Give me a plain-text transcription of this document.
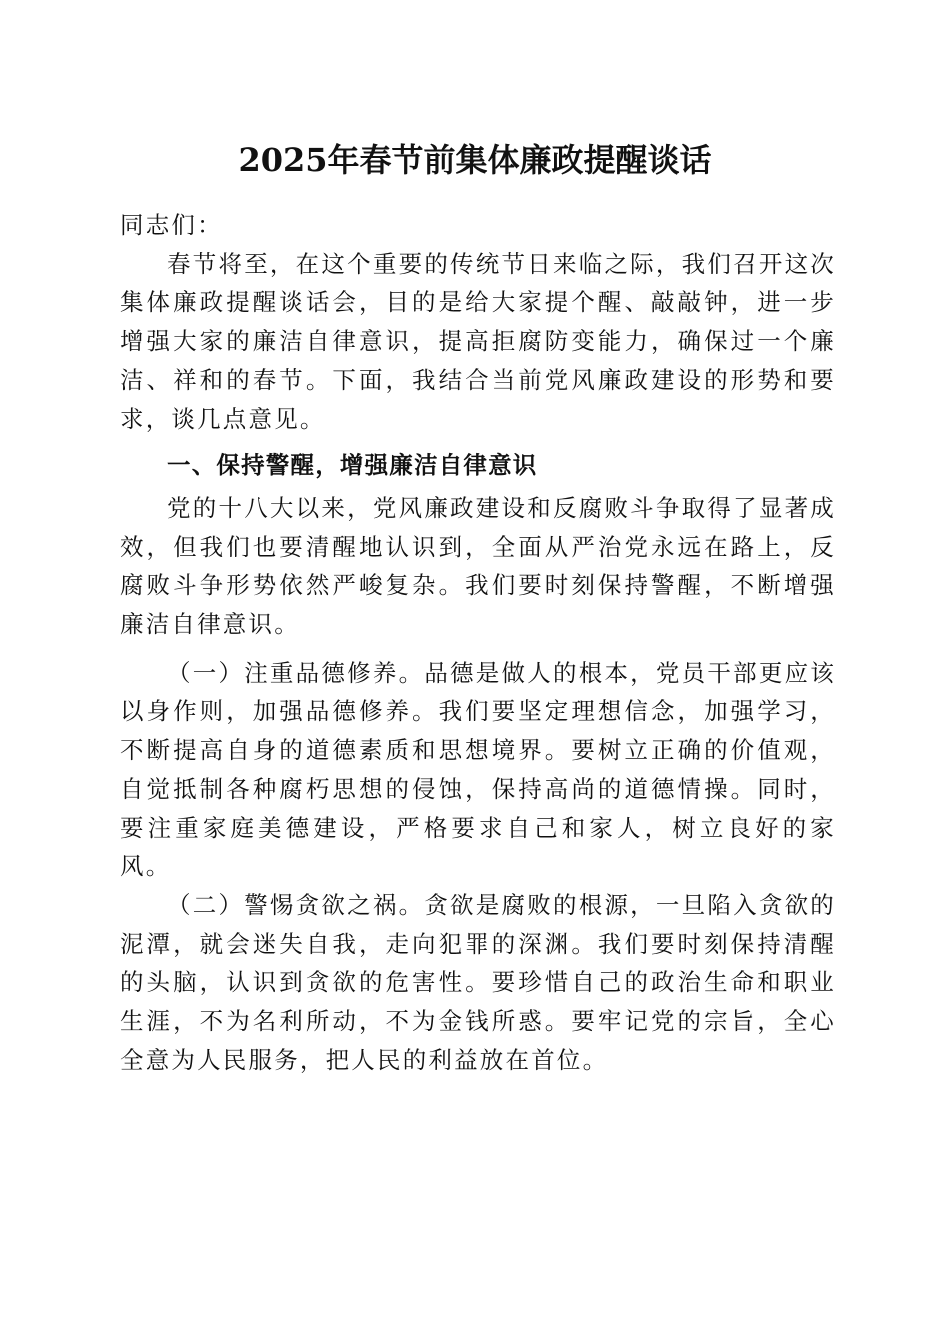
2025年春节前集体廉政提醒谈话

同志们：

春节将至，在这个重要的传统节日来临之际，我们召开这次集体廉政提醒谈话会，目的是给大家提个醒、敲敲钟，进一步增强大家的廉洁自律意识，提高拒腐防变能力，确保过一个廉洁、祥和的春节。下面，我结合当前党风廉政建设的形势和要求，谈几点意见。

一、保持警醒，增强廉洁自律意识

党的十八大以来，党风廉政建设和反腐败斗争取得了显著成效，但我们也要清醒地认识到，全面从严治党永远在路上，反腐败斗争形势依然严峻复杂。我们要时刻保持警醒，不断增强廉洁自律意识。

（一）注重品德修养。品德是做人的根本，党员干部更应该以身作则，加强品德修养。我们要坚定理想信念，加强学习，不断提高自身的道德素质和思想境界。要树立正确的价值观，自觉抵制各种腐朽思想的侵蚀，保持高尚的道德情操。同时，要注重家庭美德建设，严格要求自己和家人，树立良好的家风。

（二）警惕贪欲之祸。贪欲是腐败的根源，一旦陷入贪欲的泥潭，就会迷失自我，走向犯罪的深渊。我们要时刻保持清醒的头脑，认识到贪欲的危害性。要珍惜自己的政治生命和职业生涯，不为名利所动，不为金钱所惑。要牢记党的宗旨，全心全意为人民服务，把人民的利益放在首位。
